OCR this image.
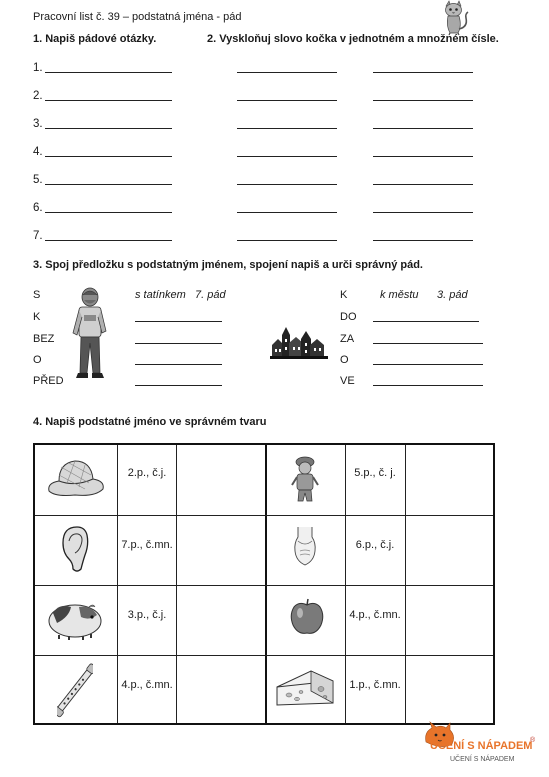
Pracovní list č. 39 – podstatná jména - pád
1. Napiš pádové otázky.	2. Vyskloňuj slovo kočka v jednotném a množném čísle.
1.
2.
3.
4.
5.
6.
7.
3. Spoj předložku s podstatným jménem, spojení napiš a urči správný pád.
S
K
BEZ
O
PŘED
s tatínkem 7. pád	K
DO
ZA
O
VE
k městu 3. pád
4. Napiš podstatné jméno ve správném tvaru
2.p., č.j.	5.p., č. j.
7.p., č.mn.	6.p., č.j.
3.p., č.j.	4.p., č.mn.
4.p., č.mn.	1.p., č.mn.
UČENÍ S NÁPADEM
®
UČENÍ S NÁPADEM
